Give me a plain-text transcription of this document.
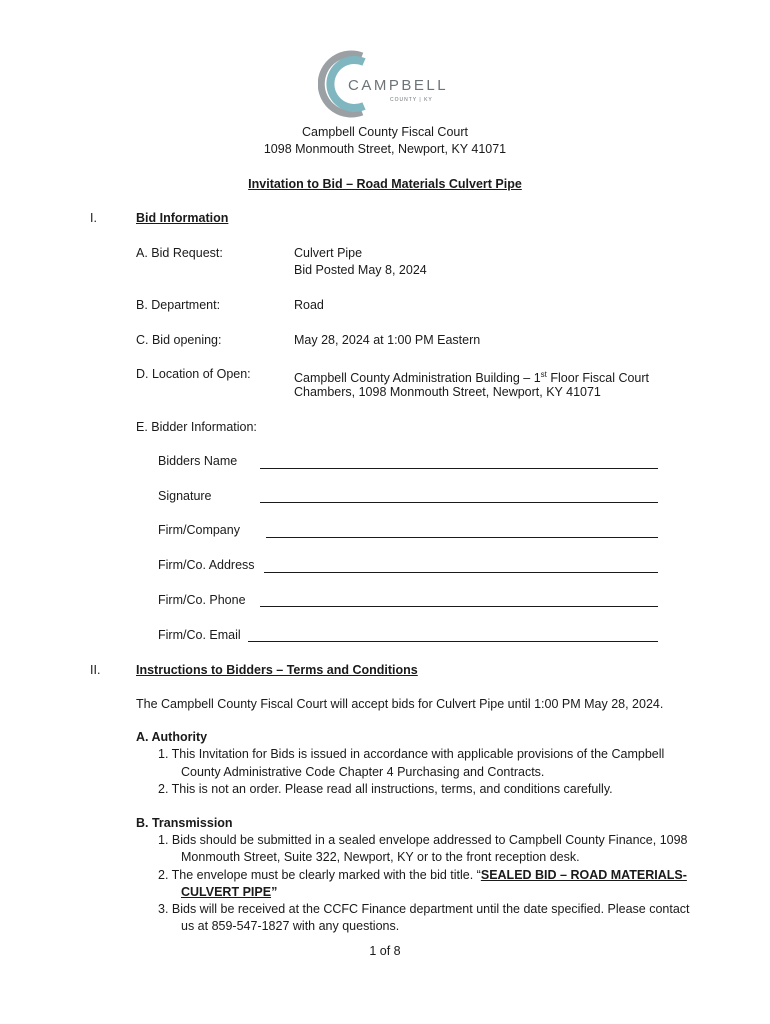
CAMPBELL
COUNTY | KY
Campbell County Fiscal Court
1098 Monmouth Street, Newport, KY 41071
Invitation to Bid – Road Materials Culvert Pipe
I.	Bid Information
A. Bid Request:	Culvert Pipe
Bid Posted May 8, 2024
B. Department:	Road
C. Bid opening:	May 28, 2024 at 1:00 PM Eastern
D. Location of Open:	Campbell County Administration Building – 1st Floor Fiscal Court
Chambers, 1098 Monmouth Street, Newport, KY 41071
E. Bidder Information:
Bidders Name
Signature
Firm/Company
Firm/Co. Address
Firm/Co. Phone
Firm/Co. Email
II.	Instructions to Bidders – Terms and Conditions
The Campbell County Fiscal Court will accept bids for Culvert Pipe until 1:00 PM May 28, 2024.
A. Authority
1. This Invitation for Bids is issued in accordance with applicable provisions of the Campbell
County Administrative Code Chapter 4 Purchasing and Contracts.
2. This is not an order. Please read all instructions, terms, and conditions carefully.
B. Transmission
1. Bids should be submitted in a sealed envelope addressed to Campbell County Finance, 1098
Monmouth Street, Suite 322, Newport, KY or to the front reception desk.
2. The envelope must be clearly marked with the bid title. “SEALED BID – ROAD MATERIALS-
CULVERT PIPE”
3. Bids will be received at the CCFC Finance department until the date specified. Please contact
us at 859-547-1827 with any questions.
1 of 8
